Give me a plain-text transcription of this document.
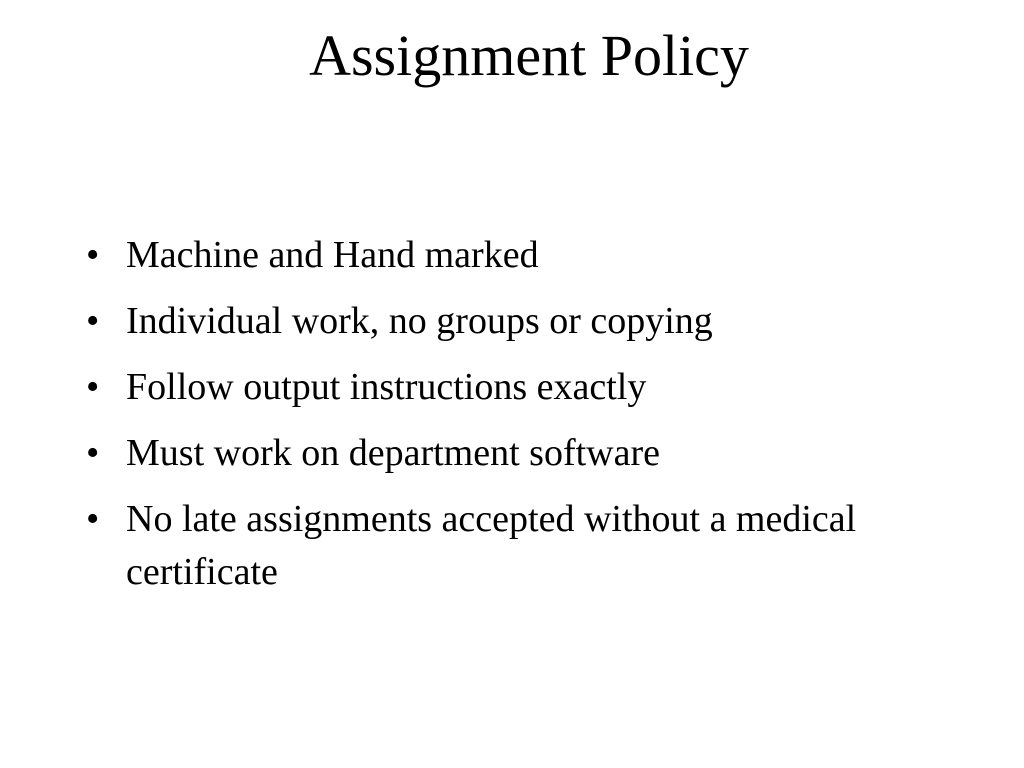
Assignment Policy
• Machine and Hand marked
• Individual work, no groups or copying
• Follow output instructions exactly
• Must work on department software
• No late assignments accepted without a medical certificate
